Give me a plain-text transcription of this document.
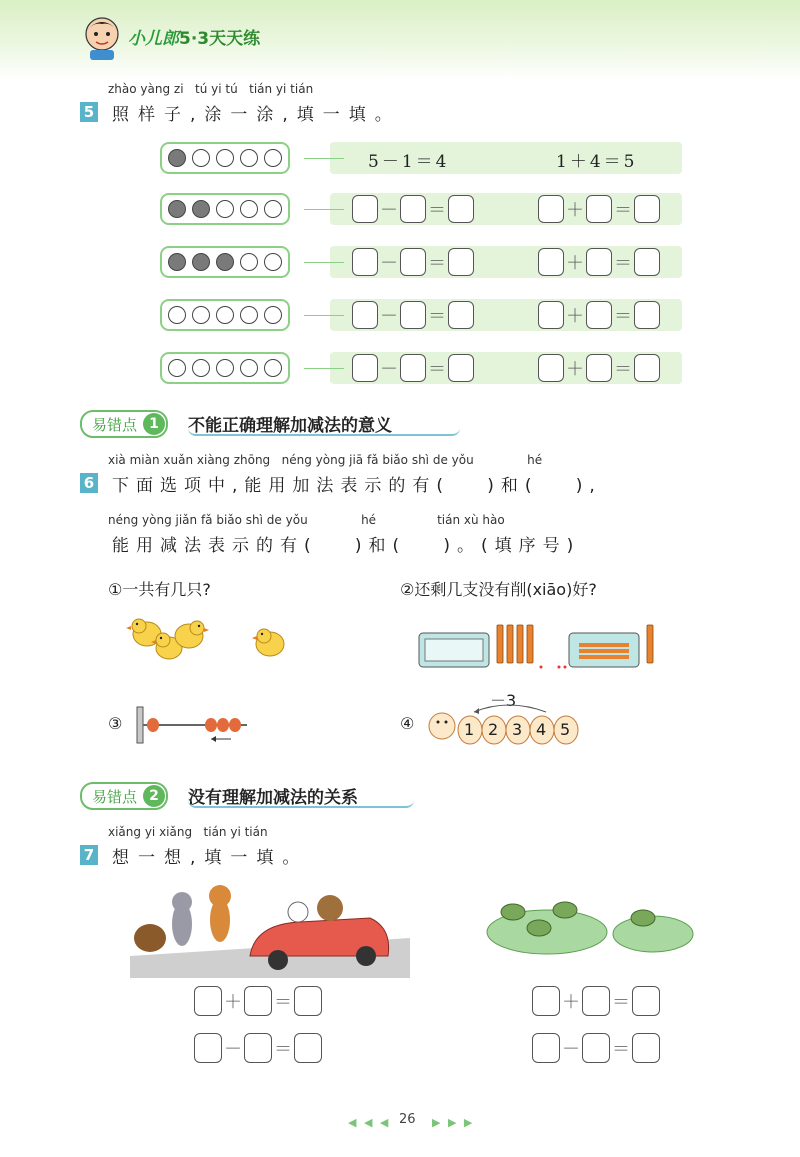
小儿郎5·3天天练
zhào yàng zi   tú yi tú   tián yi tián
5 照样子,涂一涂,填一填。
5－1＝4	1＋4＝5
－ ＝	＋ ＝
－ ＝	＋ ＝
－ ＝	＋ ＝
－ ＝	＋ ＝
易错点 1	不能正确理解加减法的意义
xià miàn xuǎn xiàng zhōng   néng yòng jiā fǎ biǎo shì de yǒu              hé
6 下面选项中,能用加法表示的有(   )和(   ),
néng yòng jiǎn fǎ biǎo shì de yǒu              hé                tián xù hào
能用减法表示的有(   )和(   )。(填序号)
①一共有几只?	②还剩几支没有削(xiāo)好?
③	④
－3
1 2 3 4 5
易错点 2	没有理解加减法的关系
xiǎng yi xiǎng   tián yi tián
7 想一想,填一填。
＋ ＝
－ ＝
＋ ＝
－ ＝
◀ ◀ ◀ 26 ▶ ▶ ▶
